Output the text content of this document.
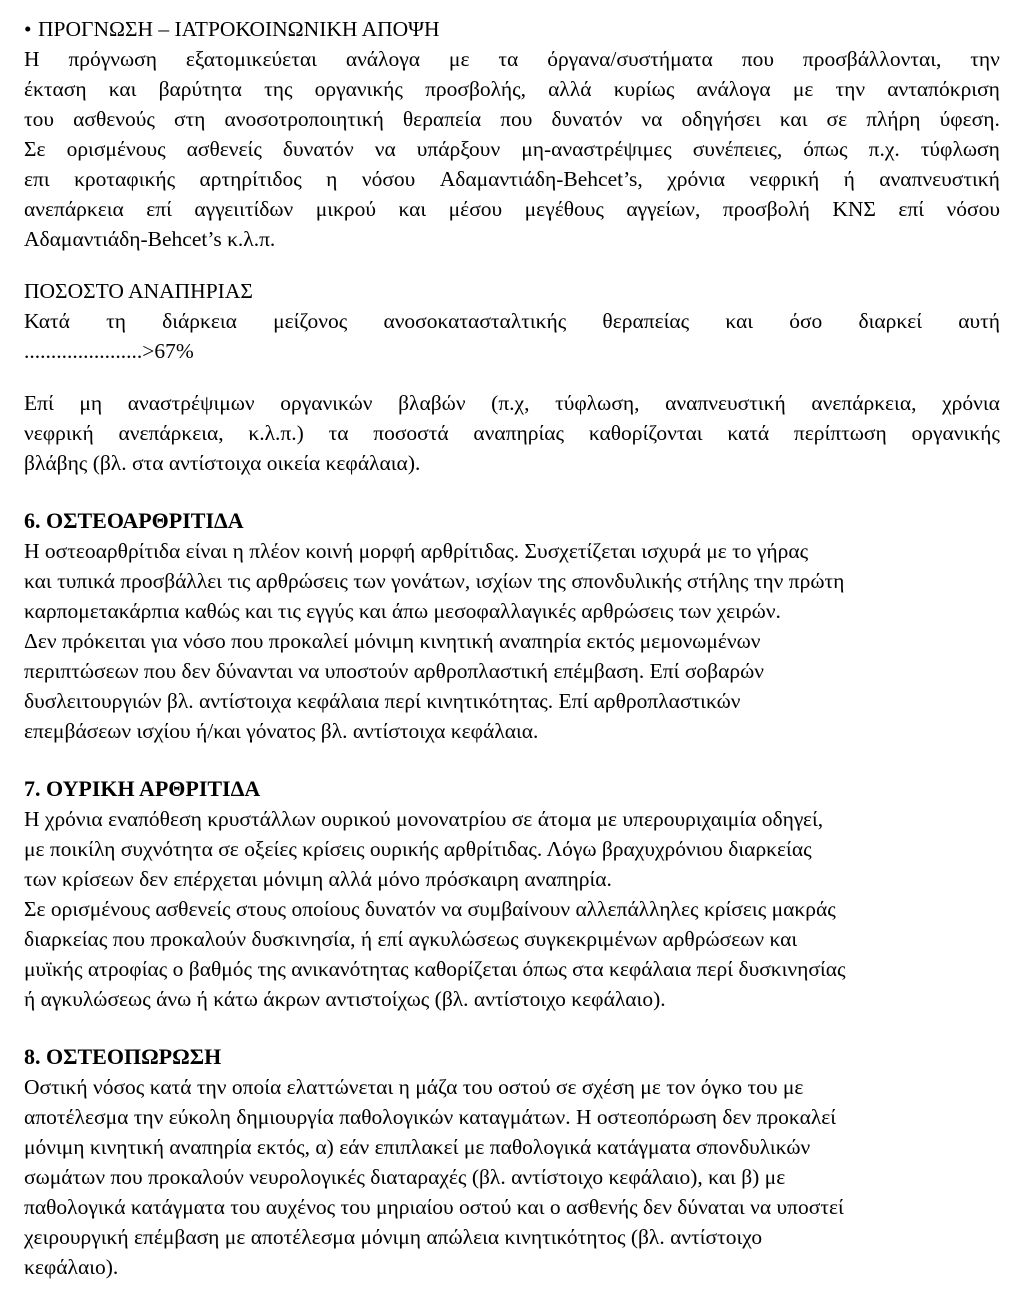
• ΠΡΟΓΝΩΣΗ – ΙΑΤΡΟΚΟΙΝΩΝΙΚΗ ΑΠΟΨΗ

Η πρόγνωση εξατομικεύεται ανάλογα με τα όργανα/συστήματα που προσβάλλονται, την

έκταση και βαρύτητα της οργανικής προσβολής, αλλά κυρίως ανάλογα με την ανταπόκριση

του ασθενούς στη ανοσοτροποιητική θεραπεία που δυνατόν να οδηγήσει και σε πλήρη ύφεση.

Σε ορισμένους ασθενείς δυνατόν να υπάρξουν μη-αναστρέψιμες συνέπειες, όπως π.χ. τύφλωση

επι κροταφικής αρτηρίτιδος η νόσου Αδαμαντιάδη-Behcet’s, χρόνια νεφρική ή αναπνευστική

ανεπάρκεια επί αγγειιτίδων μικρού και μέσου μεγέθους αγγείων, προσβολή ΚΝΣ επί νόσου

Αδαμαντιάδη-Behcet’s κ.λ.π.

ΠΟΣΟΣΤΟ ΑΝΑΠΗΡΙΑΣ

Κατά τη διάρκεια μείζονος ανοσοκατασταλτικής θεραπείας και όσο διαρκεί αυτή

......................>67%

Επί μη αναστρέψιμων οργανικών βλαβών (π.χ, τύφλωση, αναπνευστική ανεπάρκεια, χρόνια

νεφρική ανεπάρκεια, κ.λ.π.) τα ποσοστά αναπηρίας καθορίζονται κατά περίπτωση οργανικής

βλάβης (βλ. στα αντίστοιχα οικεία κεφάλαια).

6. ΟΣΤΕΟΑΡΘΡΙΤΙΔΑ

Η οστεοαρθρίτιδα είναι η πλέον κοινή μορφή αρθρίτιδας. Συσχετίζεται ισχυρά με το γήρας

και τυπικά προσβάλλει τις αρθρώσεις των γονάτων, ισχίων της σπονδυλικής στήλης την πρώτη

καρπομετακάρπια καθώς και τις εγγύς και άπω μεσοφαλλαγικές αρθρώσεις των χειρών.

Δεν πρόκειται για νόσο που προκαλεί μόνιμη κινητική αναπηρία εκτός μεμονωμένων

περιπτώσεων που δεν δύνανται να υποστούν αρθροπλαστική επέμβαση. Επί σοβαρών

δυσλειτουργιών βλ. αντίστοιχα κεφάλαια περί κινητικότητας. Επί αρθροπλαστικών

επεμβάσεων ισχίου ή/και γόνατος βλ. αντίστοιχα κεφάλαια.

7. ΟΥΡΙΚΗ ΑΡΘΡΙΤΙΔΑ

Η χρόνια εναπόθεση κρυστάλλων ουρικού μονονατρίου σε άτομα με υπερουριχαιμία οδηγεί,

με ποικίλη συχνότητα σε οξείες κρίσεις ουρικής αρθρίτιδας. Λόγω βραχυχρόνιου διαρκείας

των κρίσεων δεν επέρχεται μόνιμη αλλά μόνο πρόσκαιρη αναπηρία.

Σε ορισμένους ασθενείς στους οποίους δυνατόν να συμβαίνουν αλλεπάλληλες κρίσεις μακράς

διαρκείας που προκαλούν δυσκινησία, ή επί αγκυλώσεως συγκεκριμένων αρθρώσεων και

μυϊκής ατροφίας ο βαθμός της ανικανότητας καθορίζεται όπως στα κεφάλαια περί δυσκινησίας

ή αγκυλώσεως άνω ή κάτω άκρων αντιστοίχως (βλ. αντίστοιχο κεφάλαιο).

8. ΟΣΤΕΟΠΩΡΩΣΗ

Οστική νόσος κατά την οποία ελαττώνεται η μάζα του οστού σε σχέση με τον όγκο του με

αποτέλεσμα την εύκολη δημιουργία παθολογικών καταγμάτων. Η οστεοπόρωση δεν προκαλεί

μόνιμη κινητική αναπηρία εκτός, α) εάν επιπλακεί με παθολογικά κατάγματα σπονδυλικών

σωμάτων που προκαλούν νευρολογικές διαταραχές (βλ. αντίστοιχο κεφάλαιο), και β) με

παθολογικά κατάγματα του αυχένος του μηριαίου οστού και ο ασθενής δεν δύναται να υποστεί

χειρουργική επέμβαση με αποτέλεσμα μόνιμη απώλεια κινητικότητος (βλ. αντίστοιχο

κεφάλαιο).
